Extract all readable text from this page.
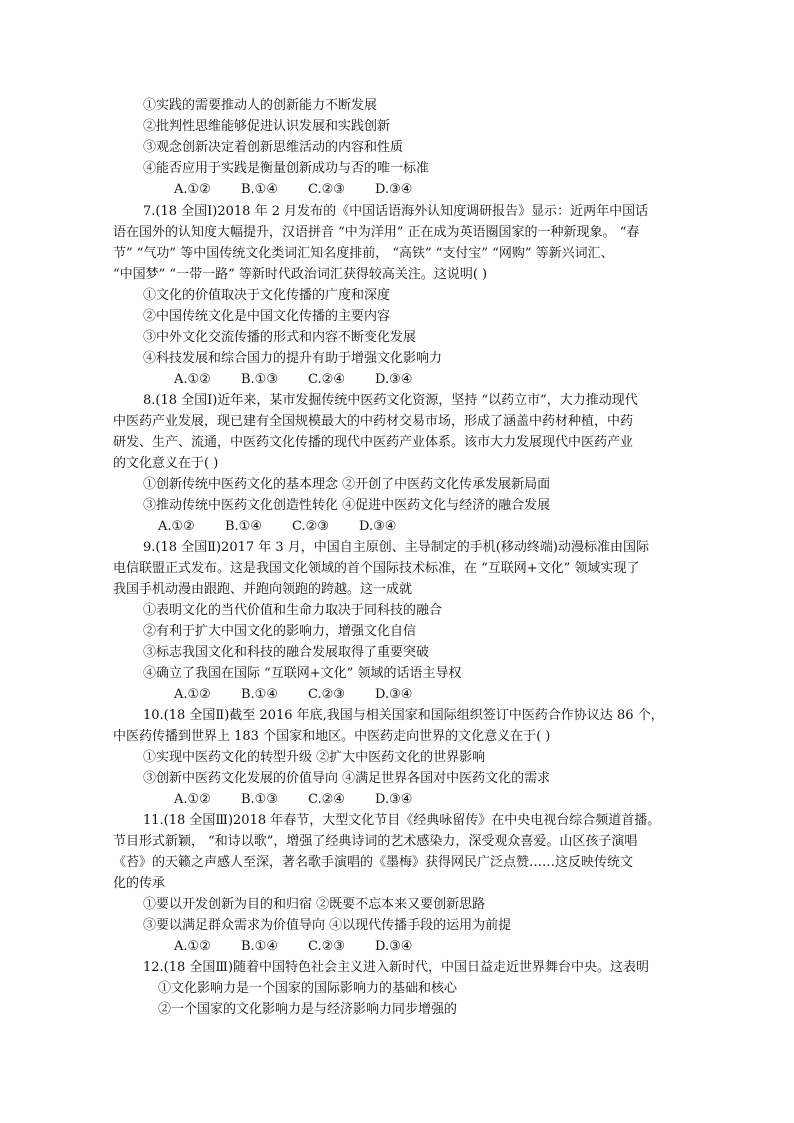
①实践的需要推动人的创新能力不断发展
②批判性思维能够促进认识发展和实践创新
③观念创新决定着创新思维活动的内容和性质
④能否应用于实践是衡量创新成功与否的唯一标准
A.①② B.①④ C.②③ D.③④
7.(18 全国Ⅰ)2018 年 2 月发布的《中国话语海外认知度调研报告》显示：近两年中国话
语在国外的认知度大幅提升，汉语拼音 “中为洋用” 正在成为英语圈国家的一种新现象。 “春
节” “气功” 等中国传统文化类词汇知名度排前， “高铁” “支付宝” “网购” 等新兴词汇、
“中国梦” “一带一路” 等新时代政治词汇获得较高关注。这说明( )
①文化的价值取决于文化传播的广度和深度
②中国传统文化是中国文化传播的主要内容
③中外文化交流传播的形式和内容不断变化发展
④科技发展和综合国力的提升有助于增强文化影响力
A.①② B.①③ C.②④ D.③④
8.(18 全国Ⅰ)近年来，某市发掘传统中医药文化资源，坚持 “以药立市”，大力推动现代
中医药产业发展，现已建有全国规模最大的中药材交易市场，形成了涵盖中药材种植，中药
研发、生产、流通，中医药文化传播的现代中医药产业体系。该市大力发展现代中医药产业
的文化意义在于( )
①创新传统中医药文化的基本理念 ②开创了中医药文化传承发展新局面
③推动传统中医药文化创造性转化 ④促进中医药文化与经济的融合发展
A.①② B.①④ C.②③ D.③④
9.(18 全国Ⅱ)2017 年 3 月，中国自主原创、主导制定的手机(移动终端)动漫标准由国际
电信联盟正式发布。这是我国文化领域的首个国际技术标准，在 “互联网+文化” 领域实现了
我国手机动漫由跟跑、并跑向领跑的跨越。这一成就
①表明文化的当代价值和生命力取决于同科技的融合
②有利于扩大中国文化的影响力，增强文化自信
③标志我国文化和科技的融合发展取得了重要突破
④确立了我国在国际 “互联网+文化” 领域的话语主导权
A.①② B.①④ C.②③ D.③④
10.(18 全国Ⅱ)截至 2016 年底,我国与相关国家和国际组织签订中医药合作协议达 86 个，
中医药传播到世界上 183 个国家和地区。中医药走向世界的文化意义在于( )
①实现中医药文化的转型升级 ②扩大中医药文化的世界影响
③创新中医药文化发展的价值导向 ④满足世界各国对中医药文化的需求
A.①② B.①③ C.②④ D.③④
11.(18 全国Ⅲ)2018 年春节，大型文化节目《经典咏留传》在中央电视台综合频道首播。
节目形式新颖， “和诗以歌”，增强了经典诗词的艺术感染力，深受观众喜爱。山区孩子演唱
《苔》的天籁之声感人至深，著名歌手演唱的《墨梅》获得网民广泛点赞……这反映传统文
化的传承
①要以开发创新为目的和归宿 ②既要不忘本来又要创新思路
③要以满足群众需求为价值导向 ④以现代传播手段的运用为前提
A.①② B.①④ C.②③ D.③④
12.(18 全国Ⅲ)随着中国特色社会主义进入新时代，中国日益走近世界舞台中央。这表明
①文化影响力是一个国家的国际影响力的基础和核心
②一个国家的文化影响力是与经济影响力同步增强的
